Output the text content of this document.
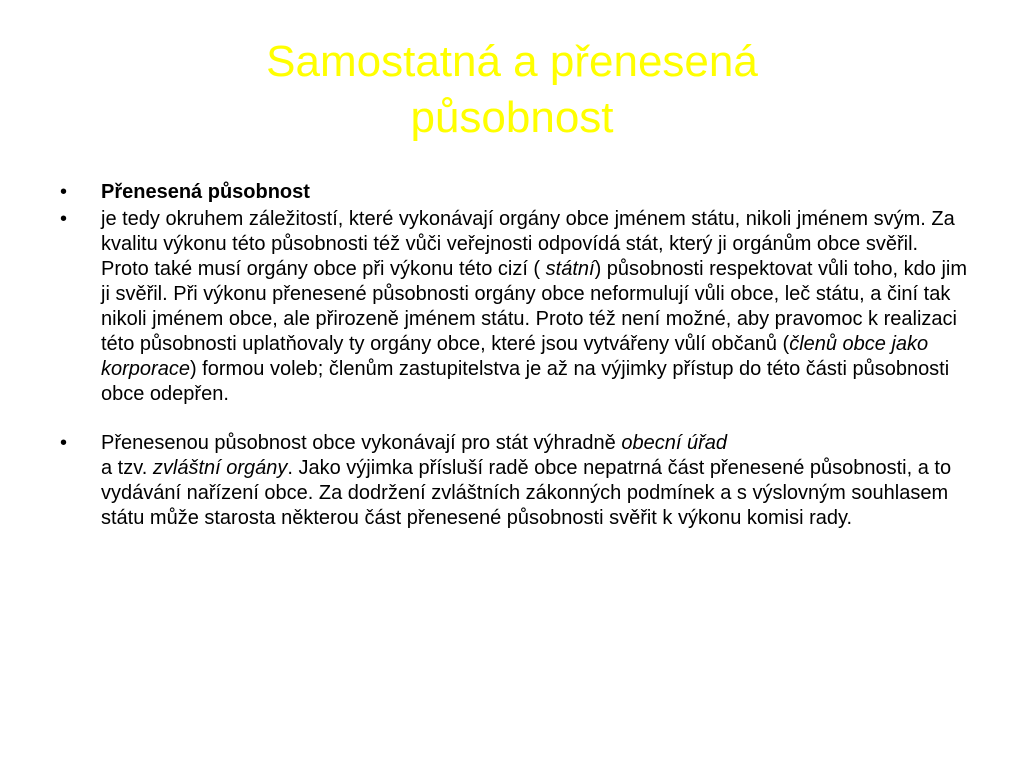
Samostatná a přenesená
působnost
• Přenesená působnost
• je tedy okruhem záležitostí, které vykonávají orgány obce jménem státu, nikoli jménem svým. Za kvalitu výkonu této působnosti též vůči veřejnosti odpovídá stát, který ji orgánům obce svěřil. Proto také musí orgány obce při výkonu této cizí ( státní) působnosti respektovat vůli toho, kdo jim ji svěřil. Při výkonu přenesené působnosti orgány obce neformulují vůli obce, leč státu, a činí tak nikoli jménem obce, ale přirozeně jménem státu. Proto též není možné, aby pravomoc k realizaci této působnosti uplatňovaly ty orgány obce, které jsou vytvářeny vůlí občanů (členů obce jako korporace) formou voleb; členům zastupitelstva je až na výjimky přístup do této části působnosti obce odepřen.
• Přenesenou působnost obce vykonávají pro stát výhradně obecní úřad
a tzv. zvláštní orgány. Jako výjimka přísluší radě obce nepatrná část přenesené působnosti, a to vydávání nařízení obce. Za dodržení zvláštních zákonných podmínek a s výslovným souhlasem státu může starosta některou část přenesené působnosti svěřit k výkonu komisi rady.
